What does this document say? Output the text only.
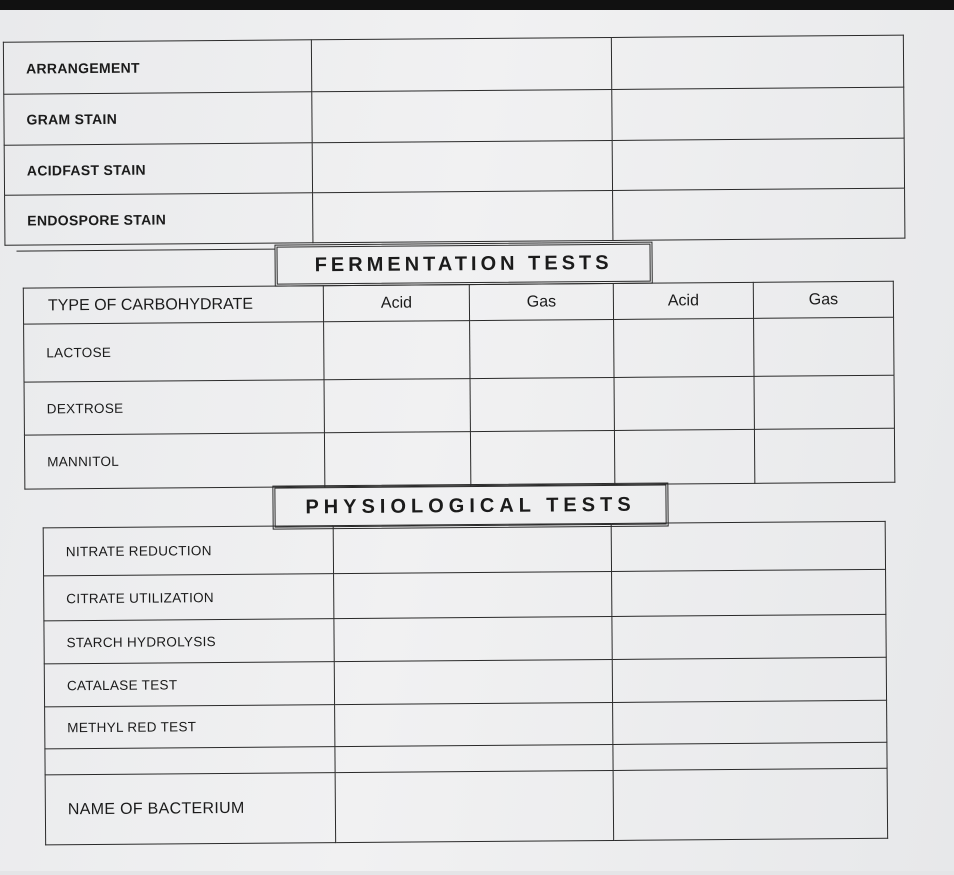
ARRANGEMENT		
GRAM STAIN		
ACIDFAST STAIN		
ENDOSPORE STAIN		
FERMENTATION TESTS
TYPE OF CARBOHYDRATE	Acid	Gas	Acid	Gas
LACTOSE				
DEXTROSE				
MANNITOL				
PHYSIOLOGICAL TESTS
NITRATE REDUCTION		
CITRATE UTILIZATION		
STARCH HYDROLYSIS		
CATALASE TEST		
METHYL RED TEST		

NAME OF BACTERIUM		
